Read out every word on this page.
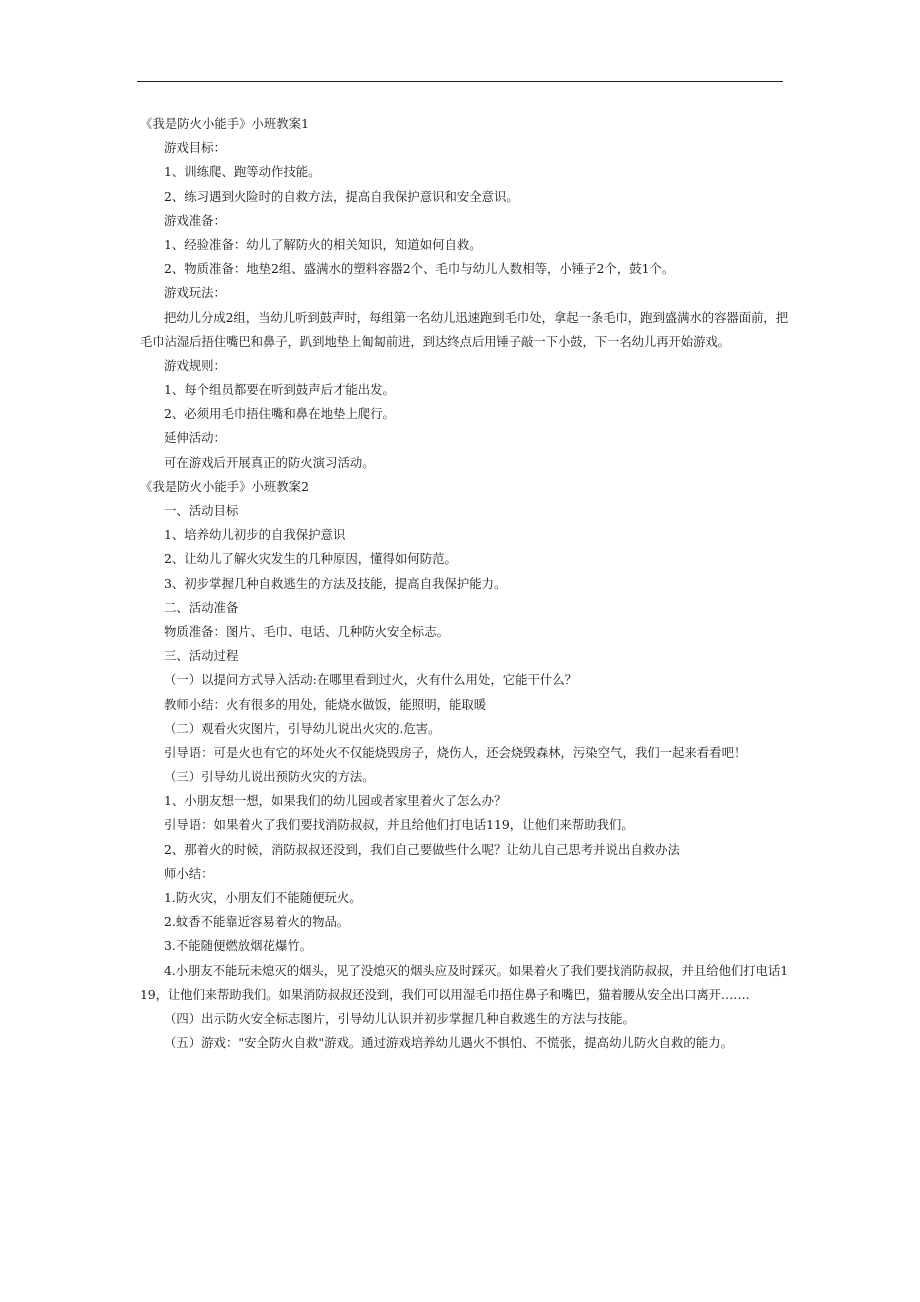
《我是防火小能手》小班教案1
游戏目标：
1、训练爬、跑等动作技能。
2、练习遇到火险时的自救方法，提高自我保护意识和安全意识。
游戏准备：
1、经验准备：幼儿了解防火的相关知识，知道如何自救。
2、物质准备：地垫2组、盛满水的塑料容器2个、毛巾与幼儿人数相等，小锤子2个，鼓1个。
游戏玩法：
把幼儿分成2组，当幼儿听到鼓声时，每组第一名幼儿迅速跑到毛巾处，拿起一条毛巾，跑到盛满水的容器面前，把毛巾沾湿后捂住嘴巴和鼻子，趴到地垫上匍匐前进，到达终点后用锤子敲一下小鼓，下一名幼儿再开始游戏。
游戏规则：
1、每个组员都要在听到鼓声后才能出发。
2、必须用毛巾捂住嘴和鼻在地垫上爬行。
延伸活动：
可在游戏后开展真正的防火演习活动。
《我是防火小能手》小班教案2
一、活动目标
1、培养幼儿初步的自我保护意识
2、让幼儿了解火灾发生的几种原因，懂得如何防范。
3、初步掌握几种自救逃生的方法及技能，提高自我保护能力。
二、活动准备
物质准备：图片、毛巾、电话、几种防火安全标志。
三、活动过程
（一）以提问方式导入活动:在哪里看到过火，火有什么用处，它能干什么？
教师小结：火有很多的用处，能烧水做饭，能照明，能取暖
（二）观看火灾图片，引导幼儿说出火灾的.危害。
引导语：可是火也有它的坏处火不仅能烧毁房子，烧伤人，还会烧毁森林，污染空气，我们一起来看看吧！
（三）引导幼儿说出预防火灾的方法。
1、小朋友想一想，如果我们的幼儿园或者家里着火了怎么办？
引导语：如果着火了我们要找消防叔叔，并且给他们打电话119，让他们来帮助我们。
2、那着火的时候，消防叔叔还没到，我们自己要做些什么呢？让幼儿自己思考并说出自救办法
师小结：
1.防火灾，小朋友们不能随便玩火。
2.蚊香不能靠近容易着火的物品。
3.不能随便燃放烟花爆竹。
4.小朋友不能玩未熄灭的烟头，见了没熄灭的烟头应及时踩灭。如果着火了我们要找消防叔叔，并且给他们打电话119，让他们来帮助我们。如果消防叔叔还没到，我们可以用湿毛巾捂住鼻子和嘴巴，猫着腰从安全出口离开…….
（四）出示防火安全标志图片，引导幼儿认识并初步掌握几种自救逃生的方法与技能。
（五）游戏："安全防火自救"游戏。通过游戏培养幼儿遇火不惧怕、不慌张，提高幼儿防火自救的能力。
